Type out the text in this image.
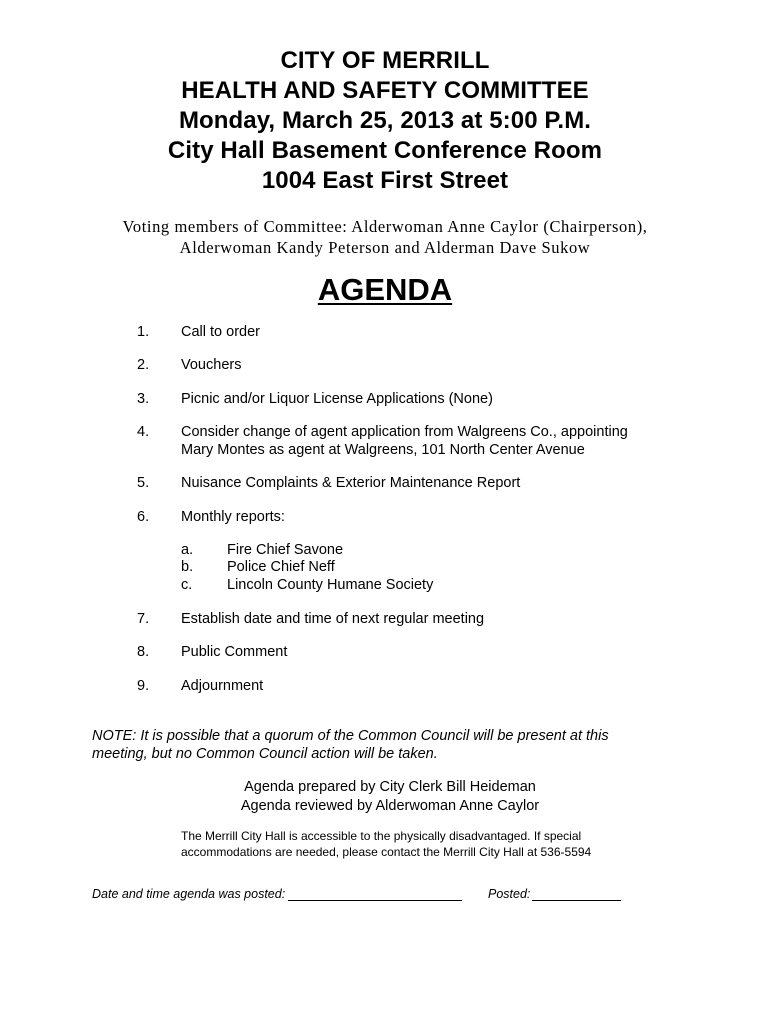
CITY OF MERRILL
HEALTH AND SAFETY COMMITTEE
Monday, March 25, 2013 at 5:00 P.M.
City Hall Basement Conference Room
1004 East First Street
Voting members of Committee: Alderwoman Anne Caylor (Chairperson),
Alderwoman Kandy Peterson and Alderman Dave Sukow
AGENDA
1. Call to order
2. Vouchers
3. Picnic and/or Liquor License Applications (None)
4. Consider change of agent application from Walgreens Co., appointing
Mary Montes as agent at Walgreens, 101 North Center Avenue
5. Nuisance Complaints & Exterior Maintenance Report
6. Monthly reports:
a. Fire Chief Savone
b. Police Chief Neff
c. Lincoln County Humane Society
7. Establish date and time of next regular meeting
8. Public Comment
9. Adjournment
NOTE: It is possible that a quorum of the Common Council will be present at this
meeting, but no Common Council action will be taken.
Agenda prepared by City Clerk Bill Heideman
Agenda reviewed by Alderwoman Anne Caylor
The Merrill City Hall is accessible to the physically disadvantaged. If special
accommodations are needed, please contact the Merrill City Hall at 536-5594
Date and time agenda was posted:	Posted:
